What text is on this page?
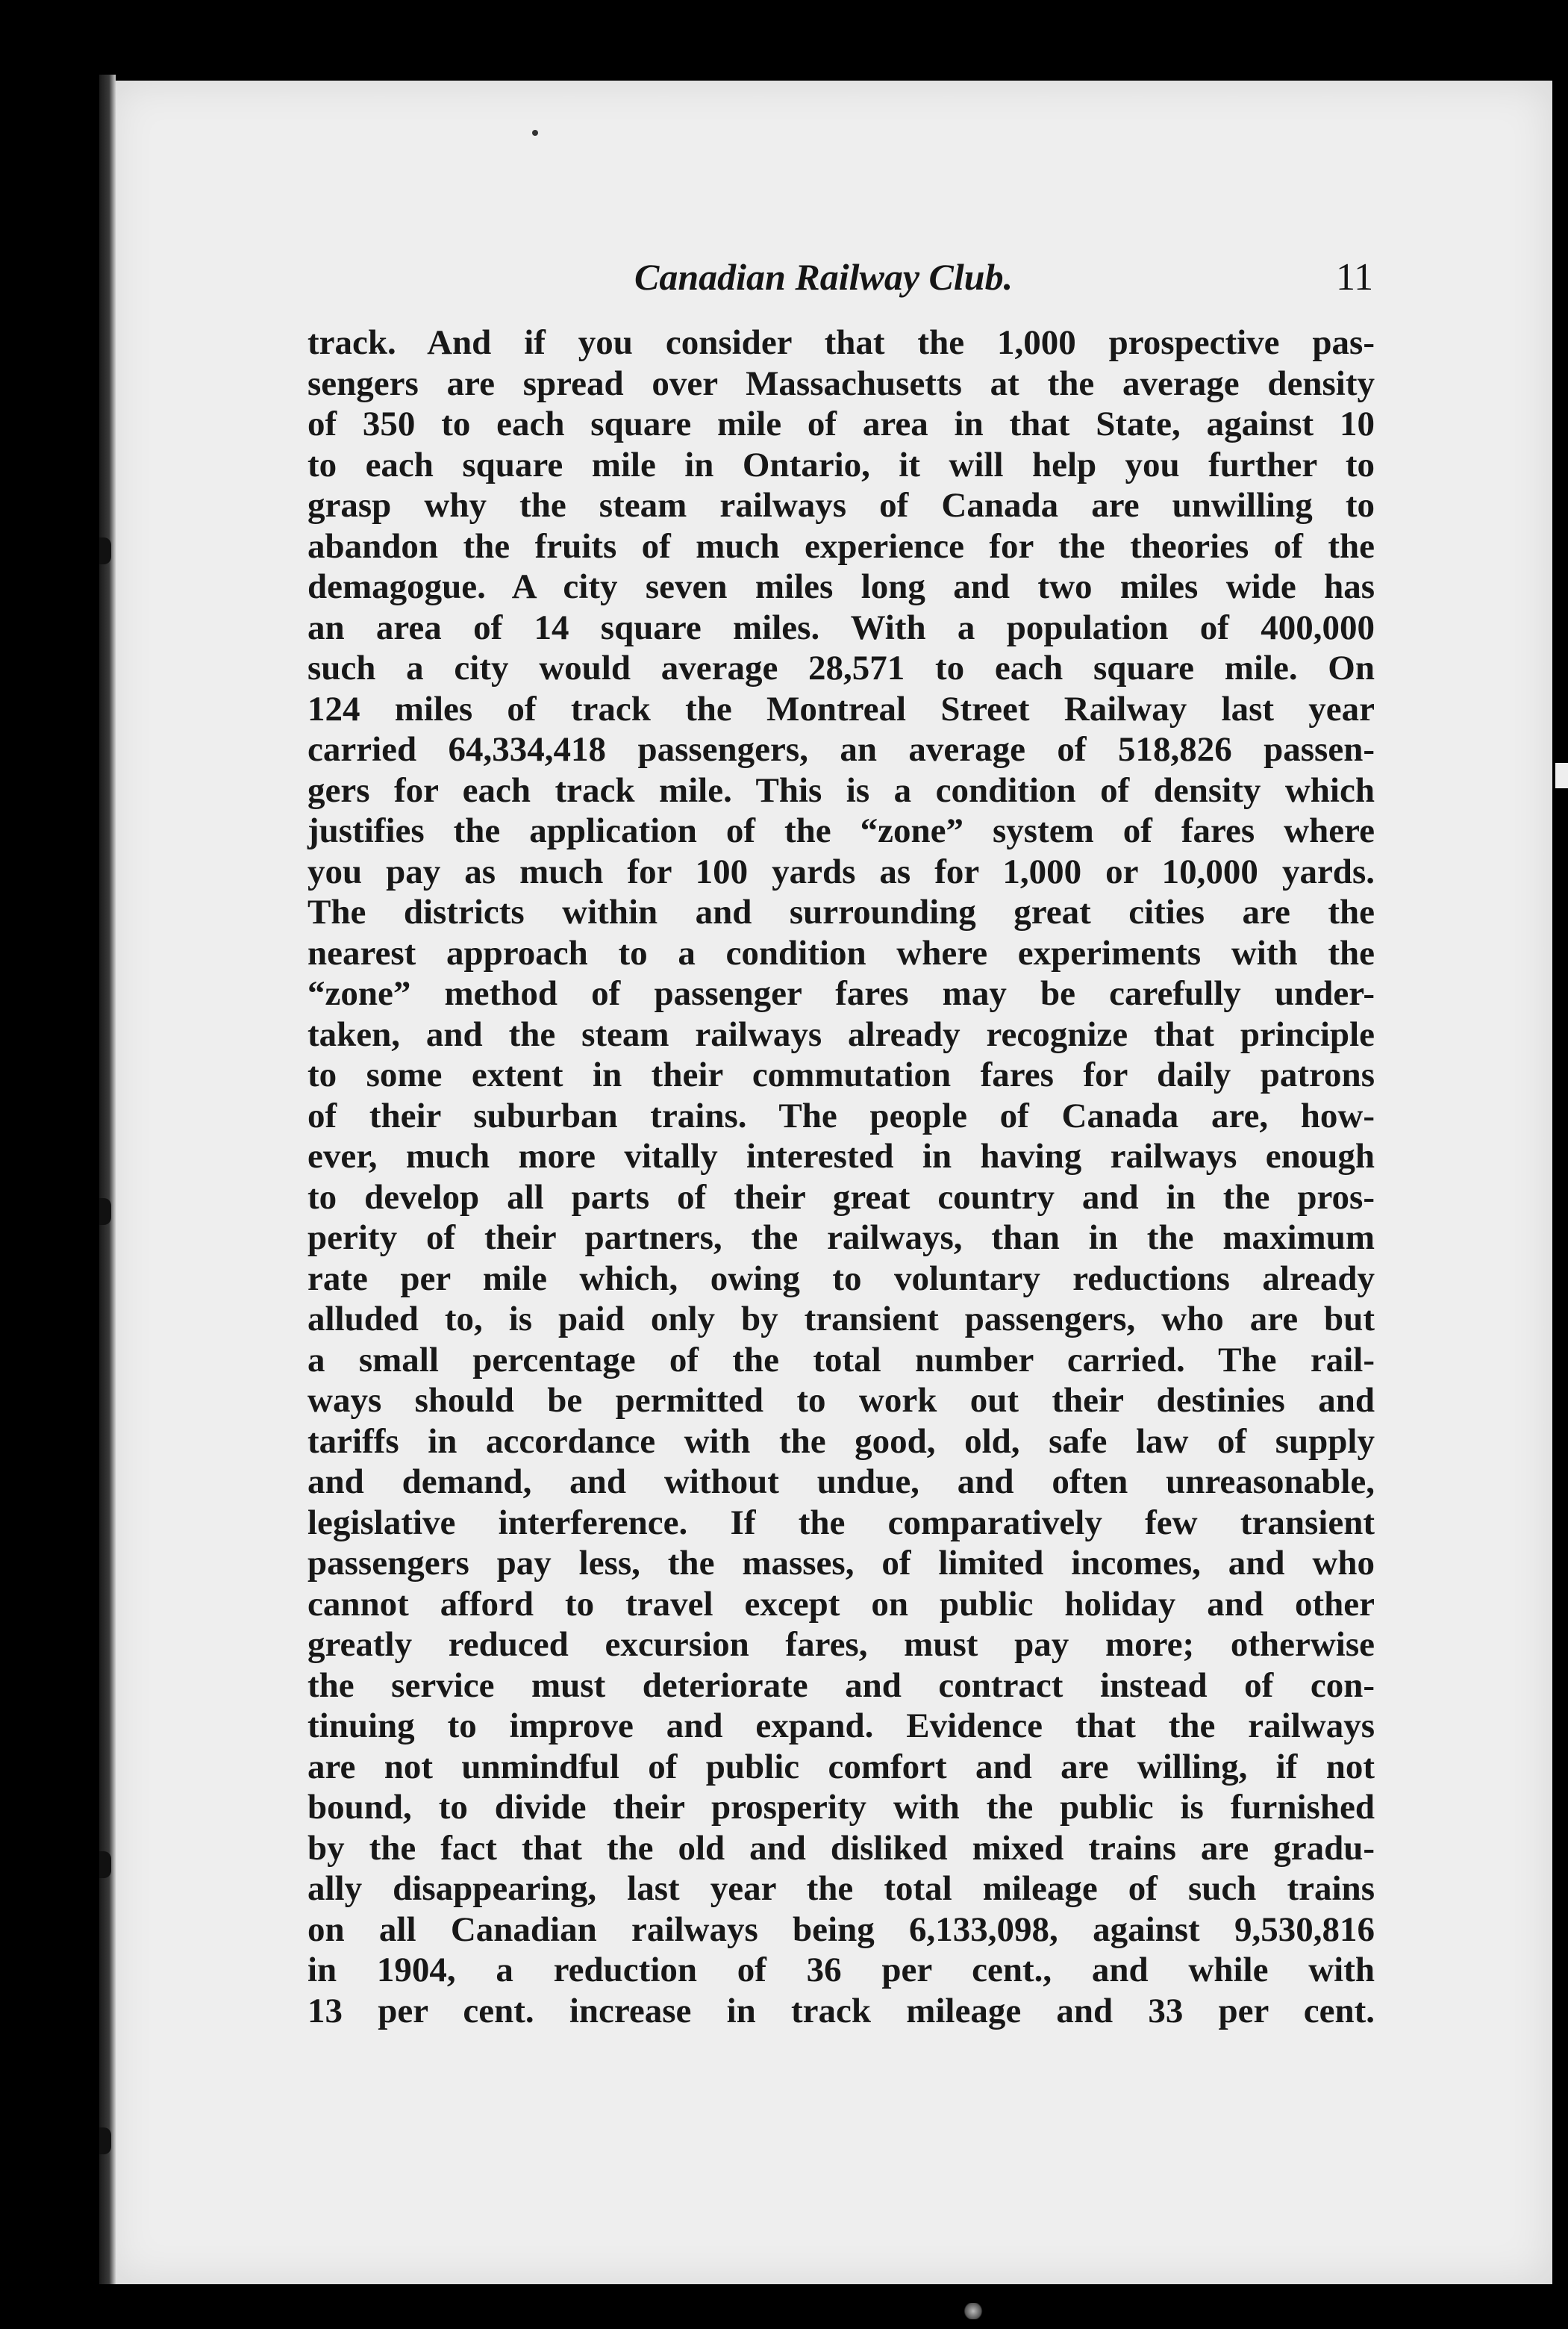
Canadian Railway Club.	11
track. And if you consider that the 1,000 prospective pas-
sengers are spread over Massachusetts at the average density
of 350 to each square mile of area in that State, against 10
to each square mile in Ontario, it will help you further to
grasp why the steam railways of Canada are unwilling to
abandon the fruits of much experience for the theories of the
demagogue. A city seven miles long and two miles wide has
an area of 14 square miles. With a population of 400,000
such a city would average 28,571 to each square mile. On
124 miles of track the Montreal Street Railway last year
carried 64,334,418 passengers, an average of 518,826 passen-
gers for each track mile. This is a condition of density which
justifies the application of the “zone” system of fares where
you pay as much for 100 yards as for 1,000 or 10,000 yards.
The districts within and surrounding great cities are the
nearest approach to a condition where experiments with the
“zone” method of passenger fares may be carefully under-
taken, and the steam railways already recognize that principle
to some extent in their commutation fares for daily patrons
of their suburban trains. The people of Canada are, how-
ever, much more vitally interested in having railways enough
to develop all parts of their great country and in the pros-
perity of their partners, the railways, than in the maximum
rate per mile which, owing to voluntary reductions already
alluded to, is paid only by transient passengers, who are but
a small percentage of the total number carried. The rail-
ways should be permitted to work out their destinies and
tariffs in accordance with the good, old, safe law of supply
and demand, and without undue, and often unreasonable,
legislative interference. If the comparatively few transient
passengers pay less, the masses, of limited incomes, and who
cannot afford to travel except on public holiday and other
greatly reduced excursion fares, must pay more; otherwise
the service must deteriorate and contract instead of con-
tinuing to improve and expand. Evidence that the railways
are not unmindful of public comfort and are willing, if not
bound, to divide their prosperity with the public is furnished
by the fact that the old and disliked mixed trains are gradu-
ally disappearing, last year the total mileage of such trains
on all Canadian railways being 6,133,098, against 9,530,816
in 1904, a reduction of 36 per cent., and while with
13 per cent. increase in track mileage and 33 per cent.
